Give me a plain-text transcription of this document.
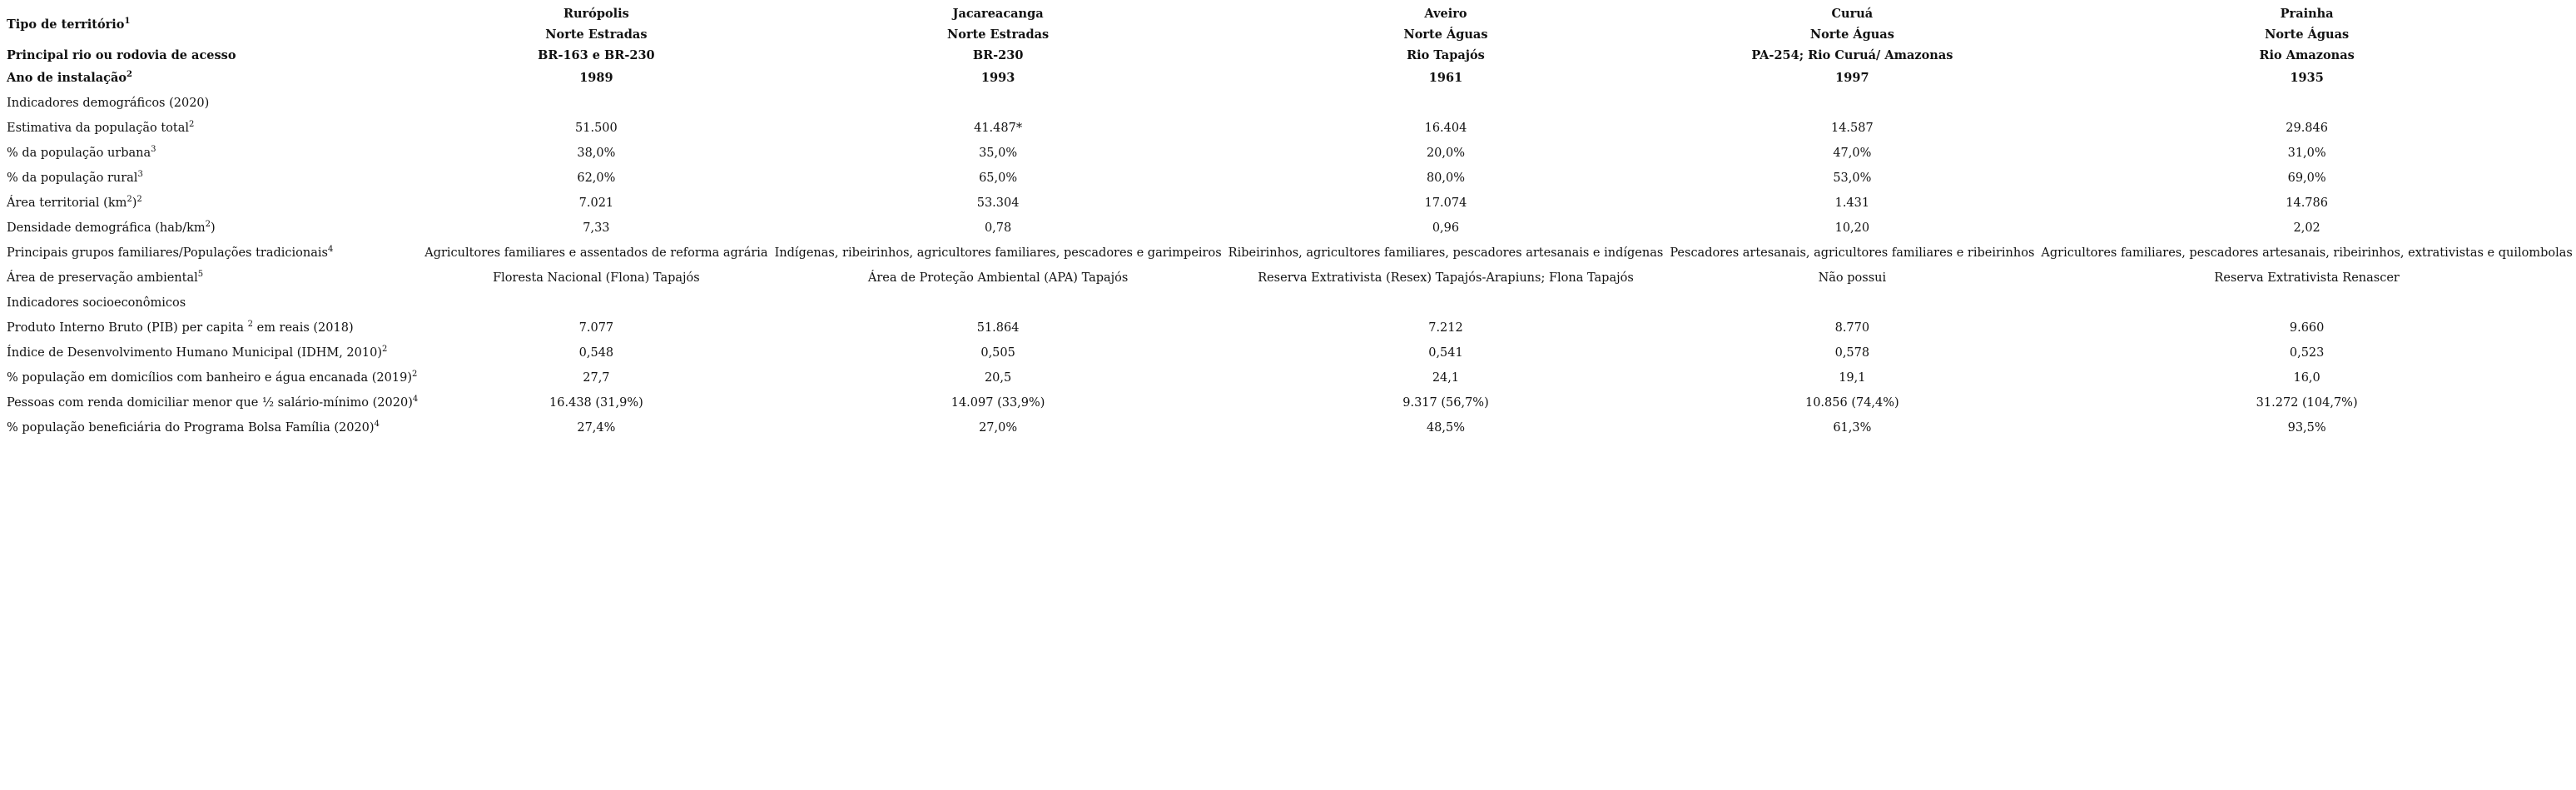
Tipo de território$^1$	Rurópolis	Jacareacanga	Aveiro	Curuá	Prainha
	Norte Estradas	Norte Estradas	Norte Águas	Norte Águas	Norte Águas
Principal rio ou rodovia de acesso	BR-163 e BR-230	BR-230	Rio Tapajós	PA-254; Rio Curuá/ Amazonas	Rio Amazonas
Ano de instalação$^2$	1989	1993	1961	1997	1935
Indicadores demográficos (2020)					
Estimativa da população total$^2$	51.500	41.487*	16.404	14.587	29.846
% da população urbana$^3$	38,0%	35,0%	20,0%	47,0%	31,0%
% da população rural$^3$	62,0%	65,0%	80,0%	53,0%	69,0%
Área territorial $(km^2)^2$	7.021	53.304	17.074	1.431	14.786
Densidade demográfica $(hab/km^2)$	7,33	0,78	0,96	10,20	2,02
Principais grupos familiares/Populações tradicionais$^4$	Agricultores familiares e assentados de reforma agrária	Indígenas, ribeirinhos, agricultores familiares, pescadores e garimpeiros	Ribeirinhos, agricultores familiares, pescadores artesanais e indígenas	Pescadores artesanais, agricultores familiares e ribeirinhos	Agricultores familiares, pescadores artesanais, ribeirinhos, extrativistas e quilombolas
Área de preservação ambiental$^5$	Floresta Nacional (Flona) Tapajós	Área de Proteção Ambiental (APA) Tapajós	Reserva Extrativista (Resex) Tapajós-Arapiuns; Flona Tapajós	Não possui	Reserva Extrativista Renascer
Indicadores socioeconômicos					
Produto Interno Bruto (PIB) per capita $^2$ em reais (2018)	7.077	51.864	7.212	8.770	9.660
Índice de Desenvolvimento Humano Municipal (IDHM, 2010)$^2$	0,548	0,505	0,541	0,578	0,523
% população em domicílios com banheiro e água encanada $(2019)^2$	27,7	20,5	24,1	19,1	16,0
Pessoas com renda domiciliar menor que ½ salário-mínimo $(2020)^4$	16.438 (31,9%)	14.097 (33,9%)	9.317 (56,7%)	10.856 (74,4%)	31.272 (104,7%)
% população beneficiária do Programa Bolsa Família $(2020)^4$	27,4%	27,0%	48,5%	61,3%	93,5%
